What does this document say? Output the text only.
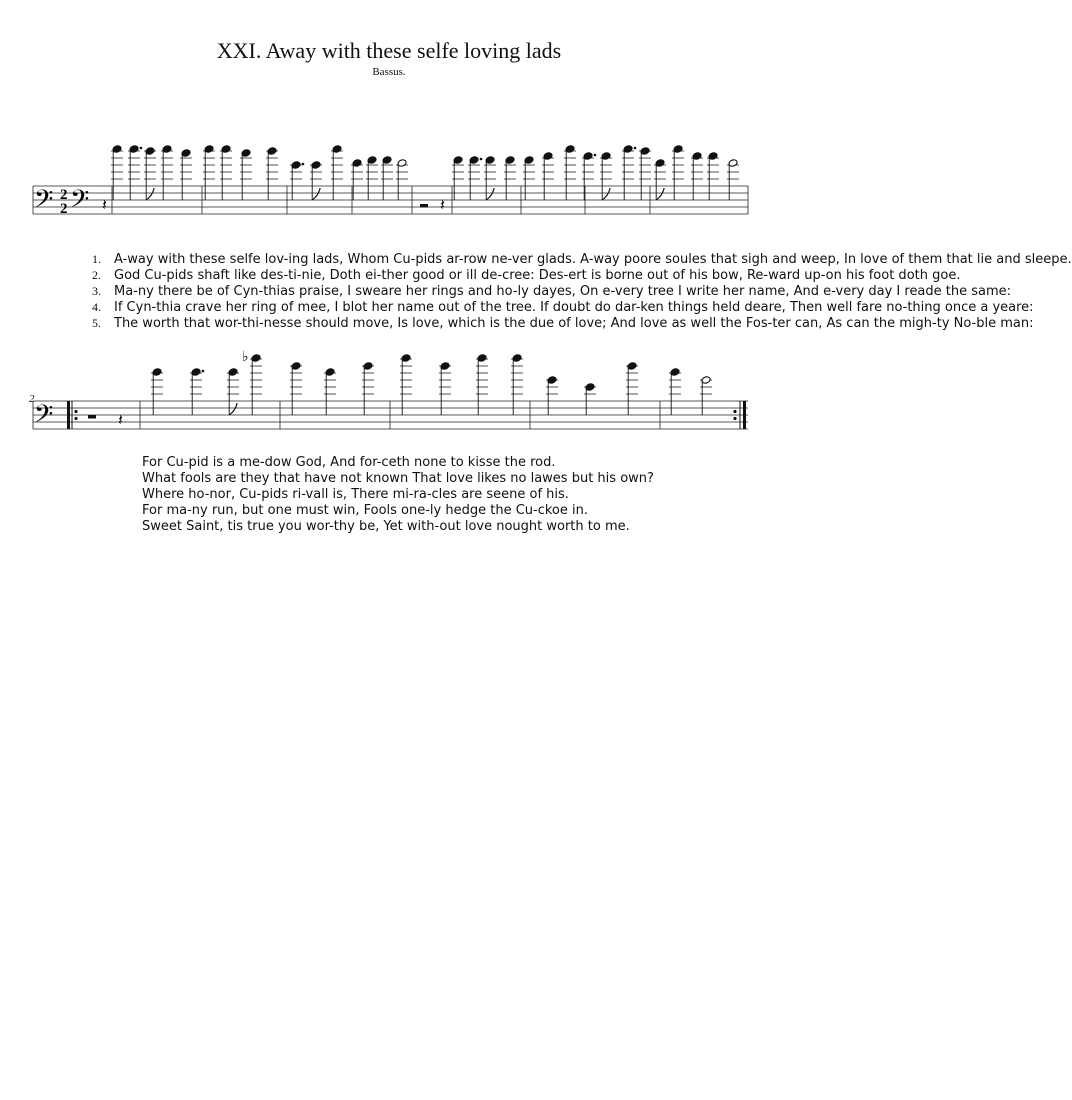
XXI. Away with these selfe loving lads
Bassus.
𝄢 2
2 𝄢 𝄽	𝄽
𝄢	𝄽
♭
2
1. A-way with these selfe lov-ing lads, Whom Cu-pids ar-row ne-ver glads. A-way poore soules that sigh and weep, In love of them that lie and sleepe.
2. God Cu-pids shaft like des-ti-nie, Doth ei-ther good or ill de-cree: Des-ert is borne out of his bow, Re-ward up-on his foot doth goe.
3. Ma-ny there be of Cyn-thias praise, I sweare her rings and ho-ly dayes, On e-very tree I write her name, And e-very day I reade the same:
4. If Cyn-thia crave her ring of mee, I blot her name out of the tree. If doubt do dar-ken things held deare, Then well fare no-thing once a yeare:
5. The worth that wor-thi-nesse should move, Is love, which is the due of love; And love as well the Fos-ter can, As can the migh-ty No-ble man:
For Cu-pid is a me-dow God, And for-ceth none to kisse the rod.
What fools are they that have not known That love likes no lawes but his own?
Where ho-nor, Cu-pids ri-vall is, There mi-ra-cles are seene of his.
For ma-ny run, but one must win, Fools one-ly hedge the Cu-ckoe in.
Sweet Saint, tis true you wor-thy be, Yet with-out love nought worth to me.
